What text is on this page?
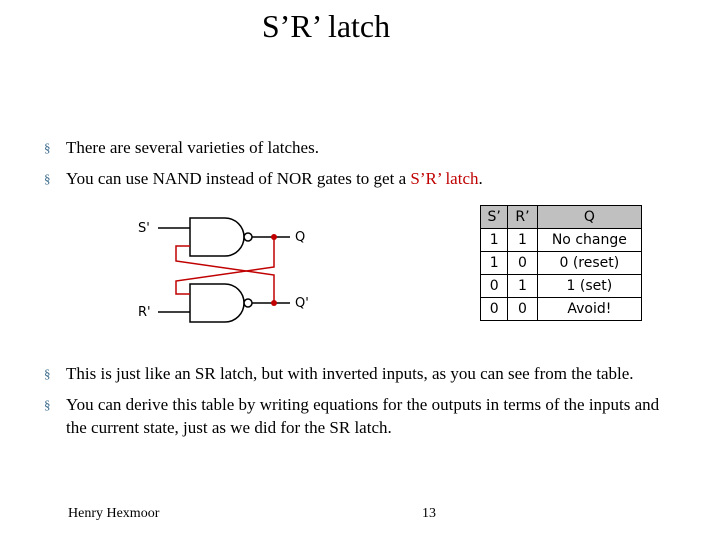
S’R’ latch
§ There are several varieties of latches.
§ You can use NAND instead of NOR gates to get a S’R’ latch.
S'
R'
Q
Q'
S’	R’	Q
1	1	No change
1	0	0 (reset)
0	1	1 (set)
0	0	Avoid!
§ This is just like an SR latch, but with inverted inputs, as you can see from the table.
§ You can derive this table by writing equations for the outputs in terms of the inputs and the current state, just as we did for the SR latch.
Henry Hexmoor	13
